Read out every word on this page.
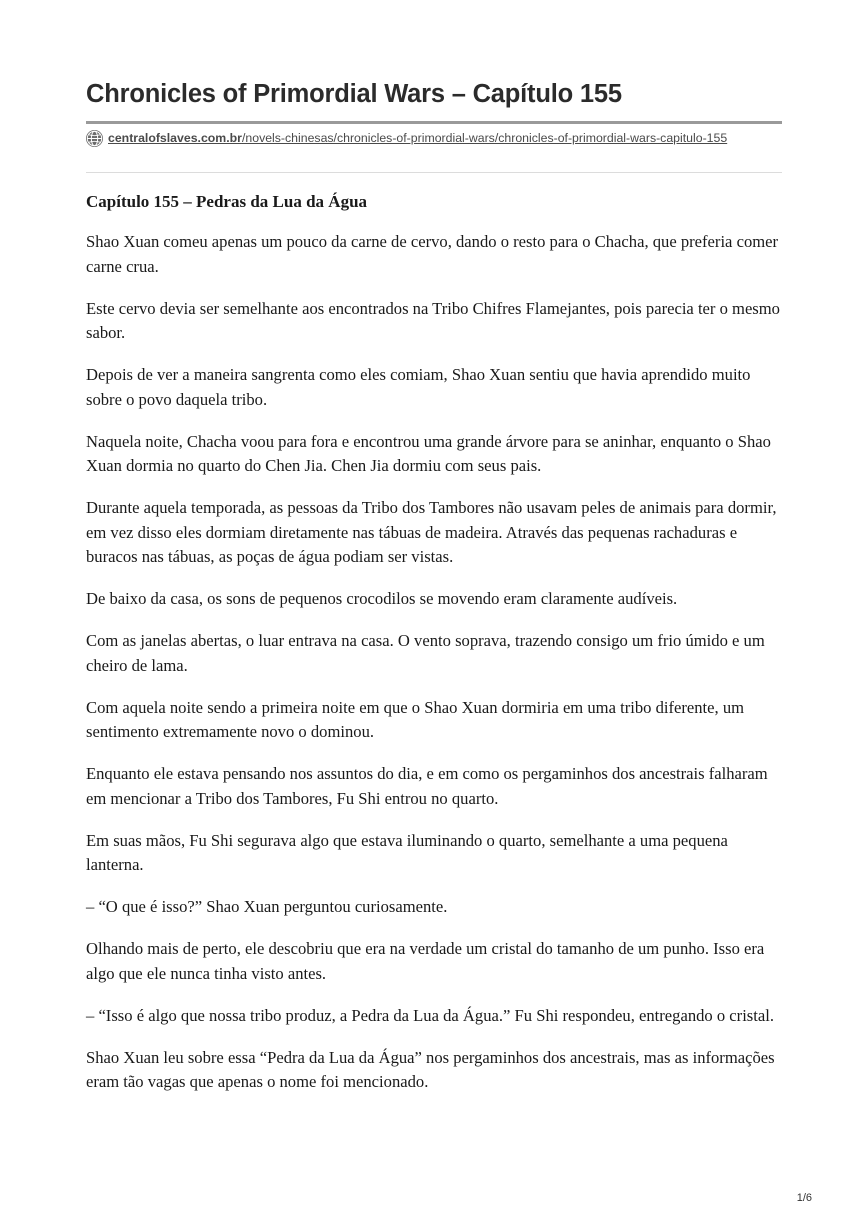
Chronicles of Primordial Wars – Capítulo 155
centralofslaves.com.br/novels-chinesas/chronicles-of-primordial-wars/chronicles-of-primordial-wars-capitulo-155
Capítulo 155 – Pedras da Lua da Água

Shao Xuan comeu apenas um pouco da carne de cervo, dando o resto para o Chacha, que preferia comer carne crua.

Este cervo devia ser semelhante aos encontrados na Tribo Chifres Flamejantes, pois parecia ter o mesmo sabor.

Depois de ver a maneira sangrenta como eles comiam, Shao Xuan sentiu que havia aprendido muito sobre o povo daquela tribo.

Naquela noite, Chacha voou para fora e encontrou uma grande árvore para se aninhar, enquanto o Shao Xuan dormia no quarto do Chen Jia. Chen Jia dormiu com seus pais.

Durante aquela temporada, as pessoas da Tribo dos Tambores não usavam peles de animais para dormir, em vez disso eles dormiam diretamente nas tábuas de madeira. Através das pequenas rachaduras e buracos nas tábuas, as poças de água podiam ser vistas.

De baixo da casa, os sons de pequenos crocodilos se movendo eram claramente audíveis.

Com as janelas abertas, o luar entrava na casa. O vento soprava, trazendo consigo um frio úmido e um cheiro de lama.

Com aquela noite sendo a primeira noite em que o Shao Xuan dormiria em uma tribo diferente, um sentimento extremamente novo o dominou.

Enquanto ele estava pensando nos assuntos do dia, e em como os pergaminhos dos ancestrais falharam em mencionar a Tribo dos Tambores, Fu Shi entrou no quarto.

Em suas mãos, Fu Shi segurava algo que estava iluminando o quarto, semelhante a uma pequena lanterna.

– “O que é isso?” Shao Xuan perguntou curiosamente.

Olhando mais de perto, ele descobriu que era na verdade um cristal do tamanho de um punho. Isso era algo que ele nunca tinha visto antes.

– “Isso é algo que nossa tribo produz, a Pedra da Lua da Água.” Fu Shi respondeu, entregando o cristal.

Shao Xuan leu sobre essa “Pedra da Lua da Água” nos pergaminhos dos ancestrais, mas as informações eram tão vagas que apenas o nome foi mencionado.

1/6
